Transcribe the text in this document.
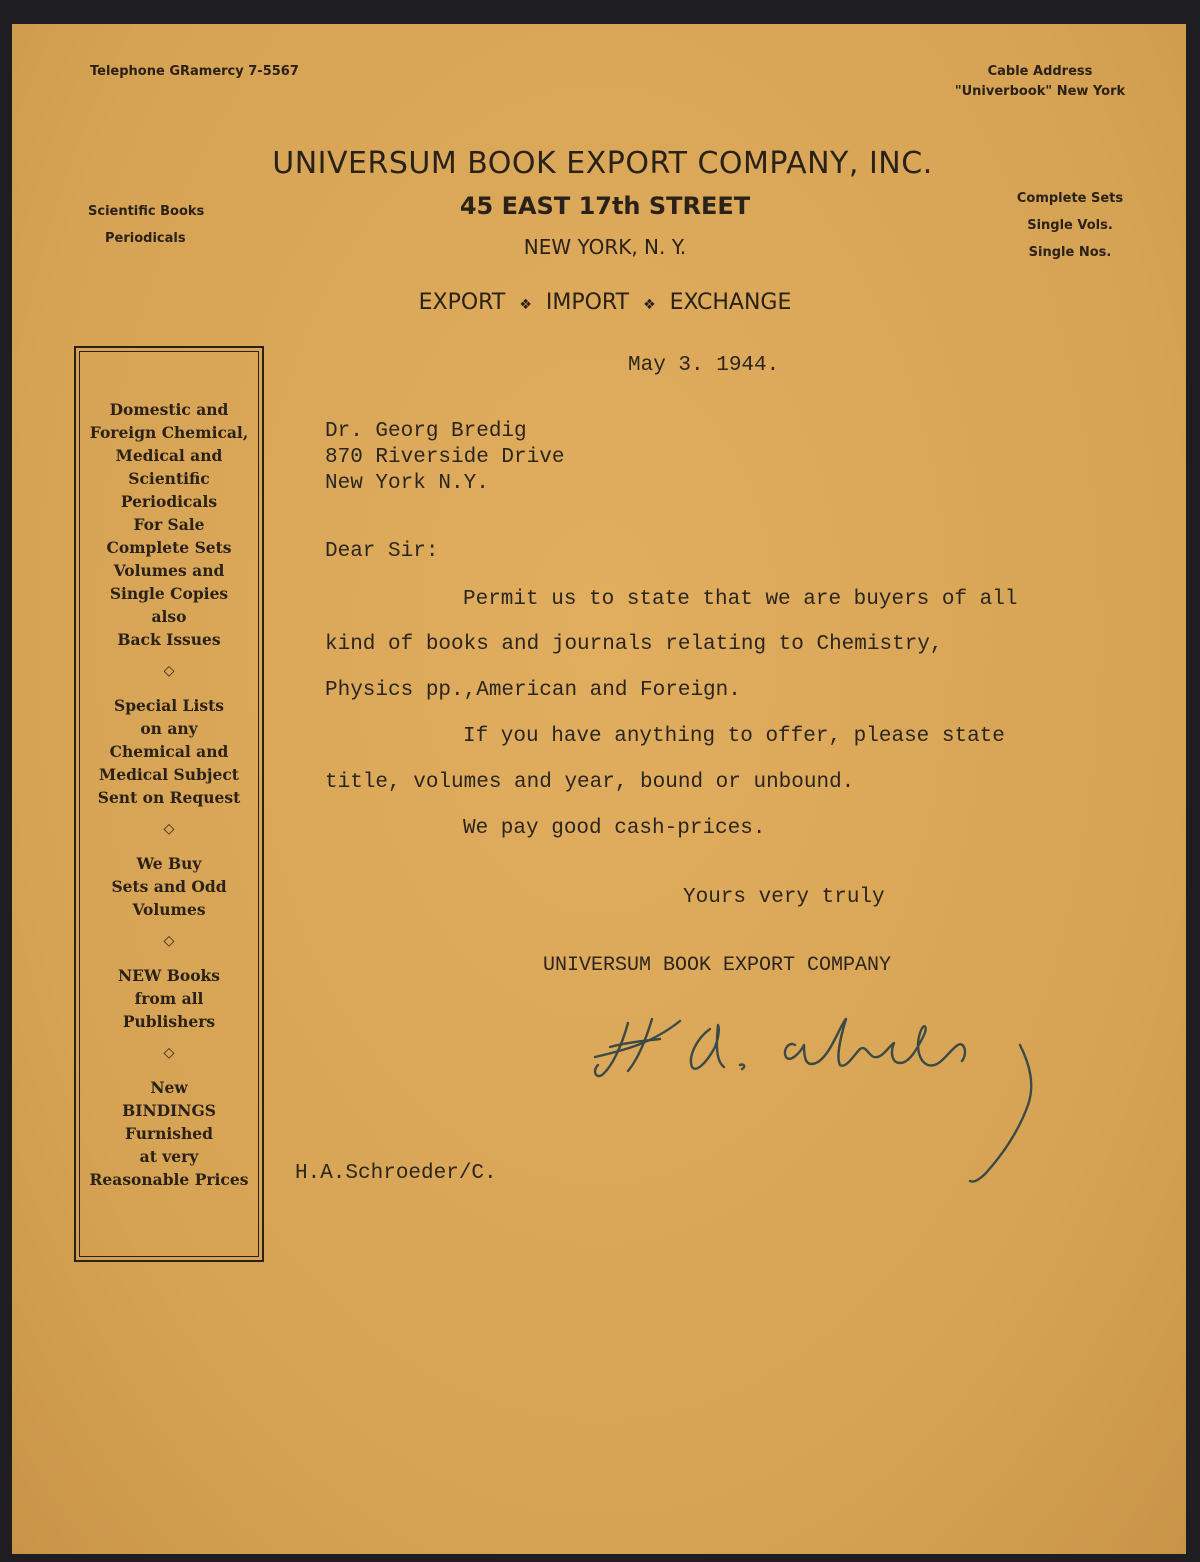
Telephone GRamercy 7-5567	Cable Address
"Univerbook" New York
UNIVERSUM BOOK EXPORT COMPANY, INC.
45 EAST 17th STREET
NEW YORK, N. Y.
Scientific Books
Periodicals
Complete Sets
Single Vols.
Single Nos.
EXPORT ❖ IMPORT ❖ EXCHANGE

Domestic and

Foreign Chemical,

Medical and

Scientific

Periodicals

For Sale

Complete Sets

Volumes and

Single Copies

also

Back Issues

◇

Special Lists

on any

Chemical and

Medical Subject

Sent on Request

◇

We Buy

Sets and Odd

Volumes

◇

NEW Books

from all

Publishers

◇

New

BINDINGS

Furnished

at very

Reasonable Prices

May 3. 1944.
Dr. Georg Bredig
870 Riverside Drive
New York N.Y.
Dear Sir:
Permit us to state that we are buyers of all
kind of books and journals relating to Chemistry,
Physics pp.,American and Foreign.
If you have anything to offer, please state
title, volumes and year, bound or unbound.
We pay good cash-prices.
Yours very truly
UNIVERSUM BOOK EXPORT COMPANY
H.A.Schroeder/C.
